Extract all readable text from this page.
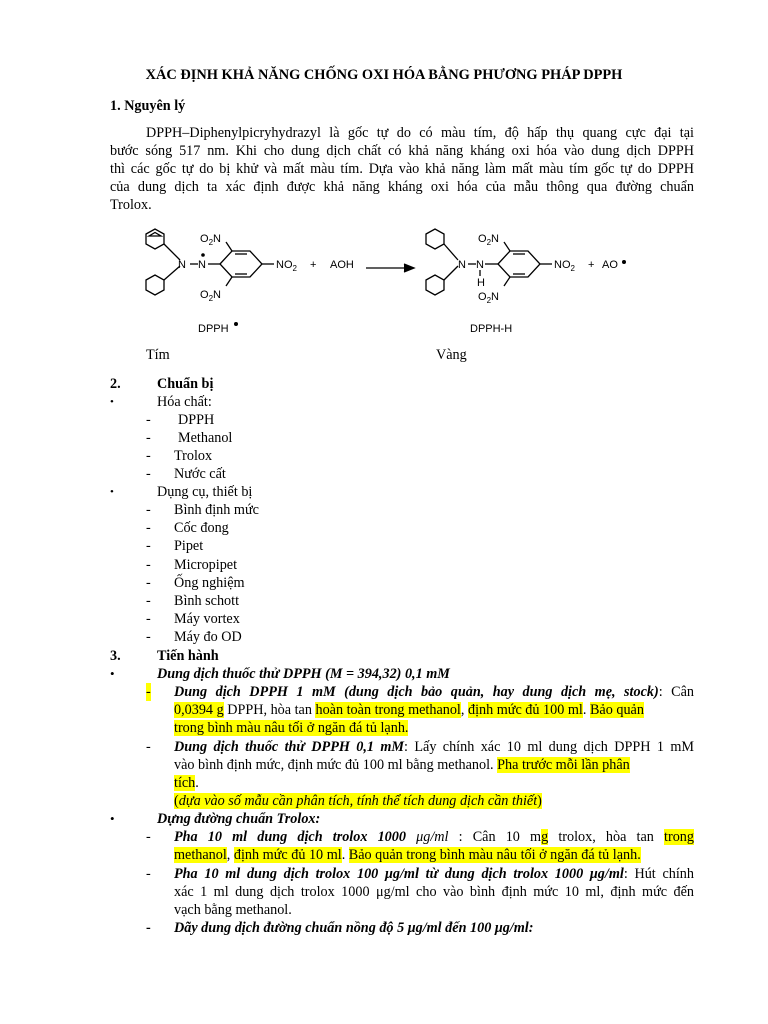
XÁC ĐỊNH KHẢ NĂNG CHỐNG OXI HÓA BẰNG PHƯƠNG PHÁP DPPH
1. Nguyên lý
DPPH–Diphenylpicryhydrazyl là gốc tự do có màu tím, độ hấp thụ quang cực đại tại
bước sóng 517 nm. Khi cho dung dịch chất có khả năng kháng oxi hóa vào dung dịch DPPH
thì các gốc tự do bị khử và mất màu tím. Dựa vào khả năng làm mất màu tím gốc tự do DPPH
của dung dịch ta xác định được khả năng kháng oxi hóa của mẫu thông qua đường chuẩn
Trolox.
$O_2N$
N N	$NO_2$
$O_2N$
+ AOH
DPPH
$O_2N$
N N
H
$O_2N$
$NO_2$ + AO
DPPH-H
Tím	Vàng
2.	Chuẩn bị
•	Hóa chất:
- DPPH
- Methanol
- Trolox
- Nước cất
•	Dụng cụ, thiết bị
- Bình định mức
- Cốc đong
- Pipet
- Micropipet
- Ống nghiệm
- Bình schott
- Máy vortex
- Máy đo OD
3.	Tiến hành
•	Dung dịch thuốc thử DPPH (M = 394,32) 0,1 mM
- Dung dịch DPPH 1 mM (dung dịch bảo quản, hay dung dịch mẹ, stock): Cân
0,0394 g DPPH, hòa tan hoàn toàn trong methanol, định mức đủ 100 ml. Bảo quản
trong bình màu nâu tối ở ngăn đá tủ lạnh.
- Dung dịch thuốc thử DPPH 0,1 mM: Lấy chính xác 10 ml dung dịch DPPH 1 mM
vào bình định mức, định mức đủ 100 ml bằng methanol. Pha trước mỗi lần phân
tích.
(dựa vào số mẫu cần phân tích, tính thể tích dung dịch cần thiết)
•	Dựng đường chuẩn Trolox:
- Pha 10 ml dung dịch trolox 1000 μg/ml : Cân 10 mg trolox, hòa tan trong
methanol, định mức đủ 10 ml. Bảo quản trong bình màu nâu tối ở ngăn đá tủ lạnh.
- Pha 10 ml dung dịch trolox 100 μg/ml từ dung dịch trolox 1000 μg/ml: Hút chính
xác 1 ml dung dịch trolox 1000 μg/ml cho vào bình định mức 10 ml, định mức đến
vạch bằng methanol.
- Dãy dung dịch đường chuẩn nồng độ 5 μg/ml đến 100 μg/ml:
